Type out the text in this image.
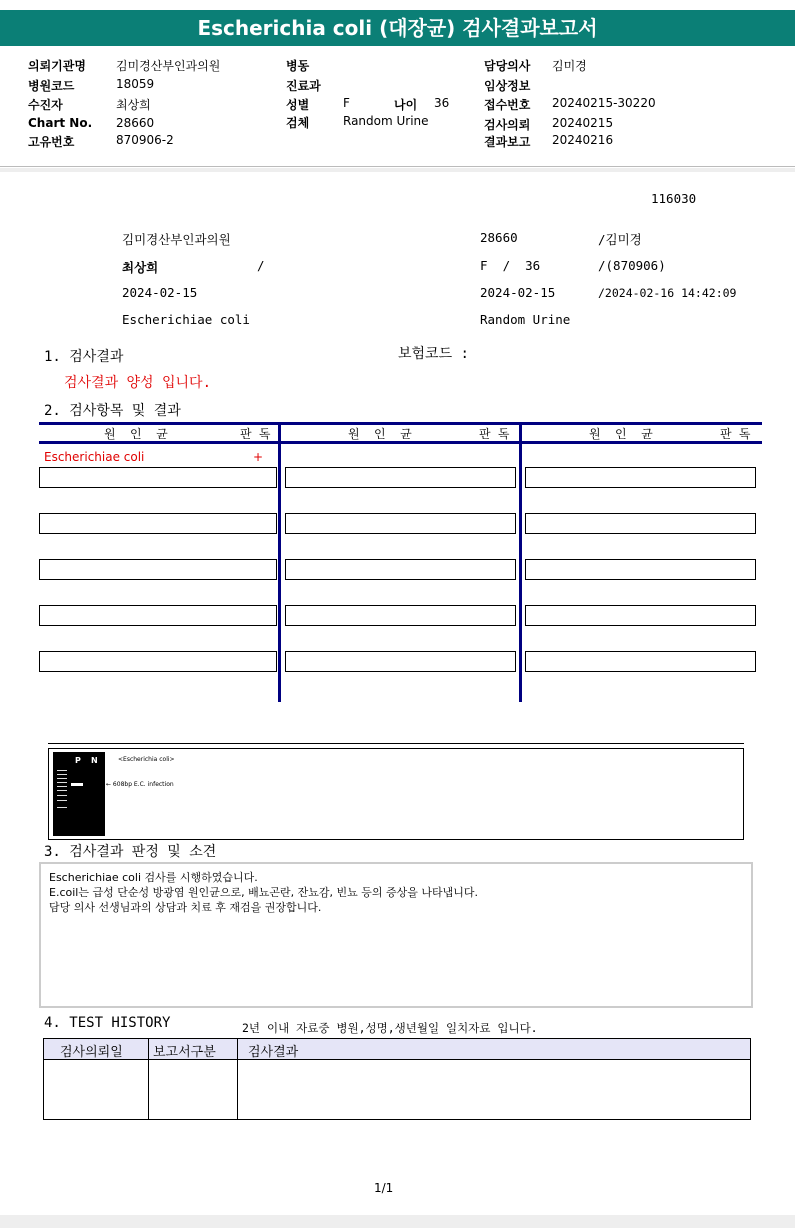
Escherichia coli (대장균) 검사결과보고서
의뢰기관명	김미경산부인과의원
병원코드	18059
수진자	최상희
Chart No. 28660
고유번호	870906-2
병동
진료과
성별	F	나이 36
검체	Random Urine
담당의사 김미경
임상정보
접수번호 20240215-30220
검사의뢰 20240215
결과보고 20240216
116030
김미경산부인과의원	28660	/김미경
최상희	/	F  /  36	/(870906)
2024-02-15	2024-02-15	/2024-02-16 14:42:09
Escherichiae coli	Random Urine
1. 검사결과	보험코드 :
검사결과 양성 입니다.
2. 검사항목 및 결과
원  인  균	판 독	원  인  균	판 독	원  인  균	판 독
Escherichiae coli	+
P N	<Escherichia coli>
← 608bp E.C. infection
3. 검사결과 판정 및 소견
Escherichiae coli 검사를 시행하였습니다.
E.coil는 급성 단순성 방광염 원인균으로, 배뇨곤란, 잔뇨감, 빈뇨 등의 증상을 나타냅니다.
담당 의사 선생님과의 상담과 치료 후 재검을 권장합니다.
4. TEST HISTORY	2년 이내 자료중 병원,성명,생년월일 일치자료 입니다.
검사의뢰일 보고서구분 검사결과
1/1
